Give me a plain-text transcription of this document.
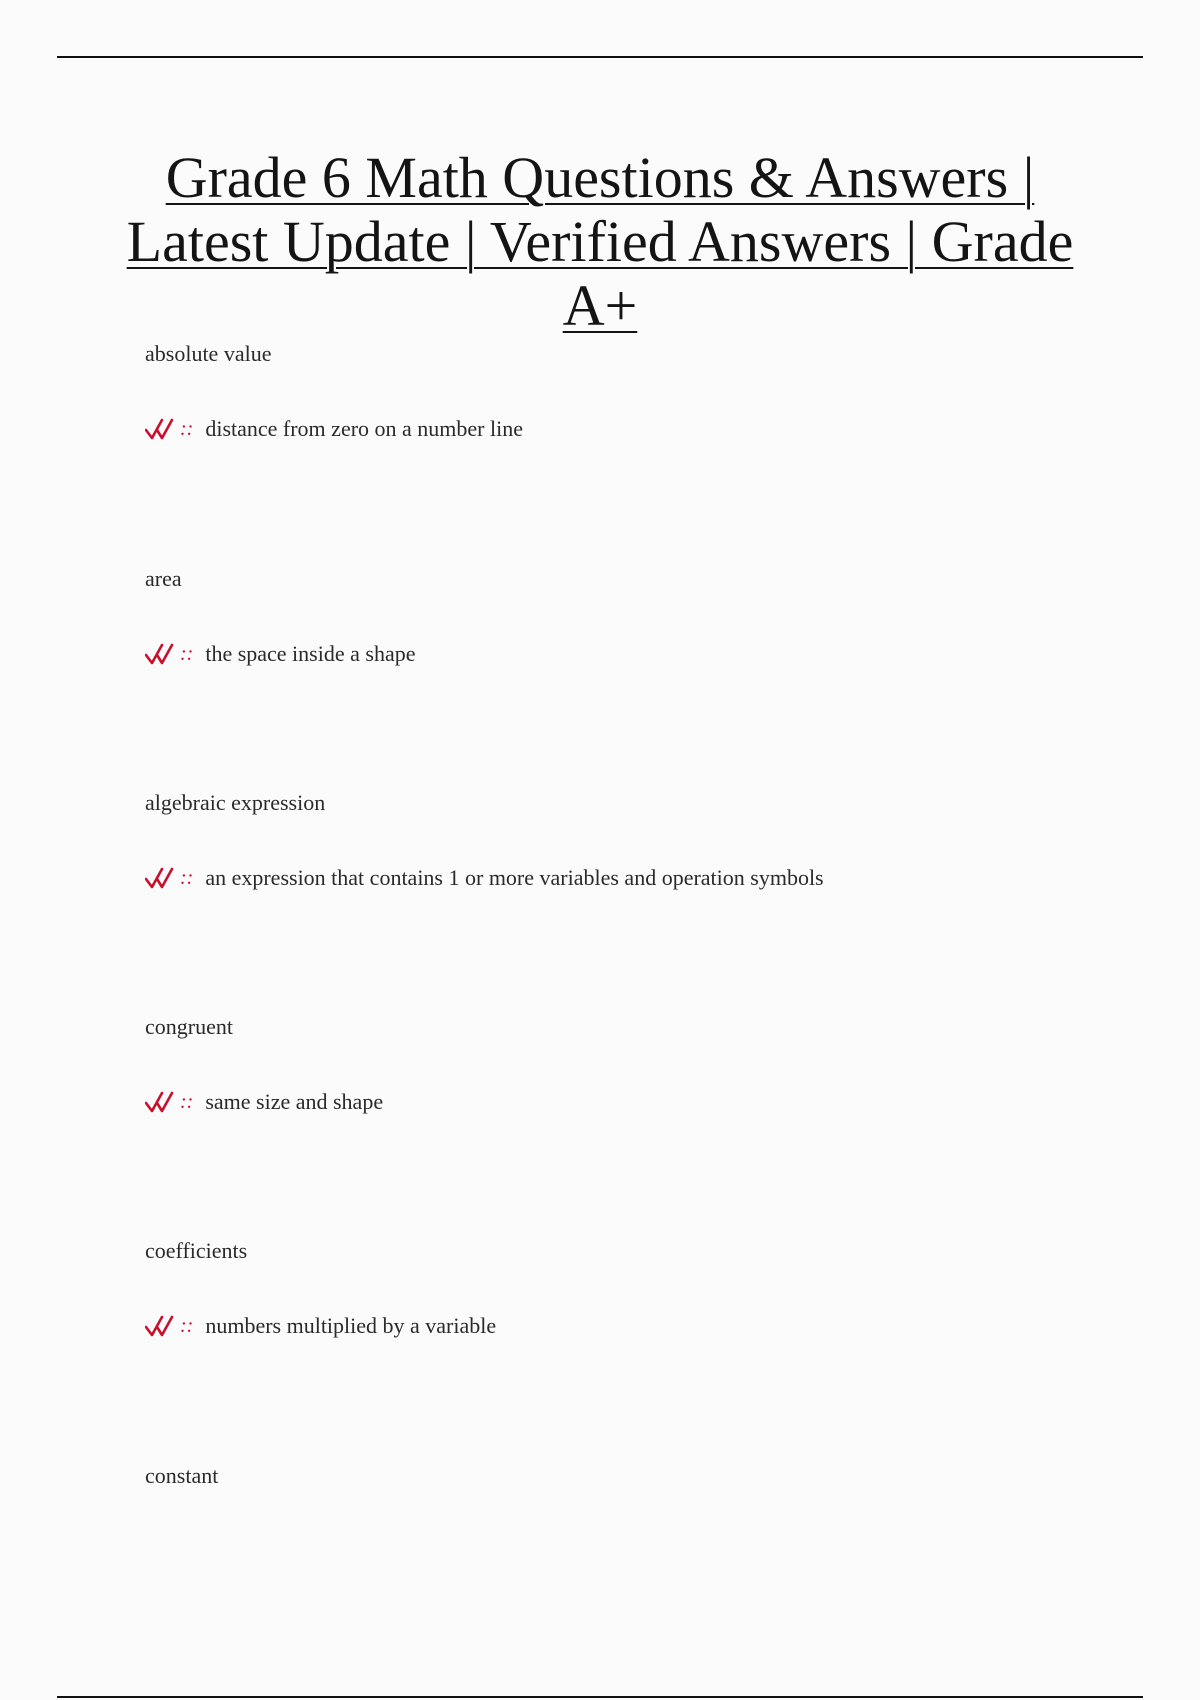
Grade 6 Math Questions & Answers | Latest Update | Verified Answers | Grade A+
absolute value
:: distance from zero on a number line
area
:: the space inside a shape
algebraic expression
:: an expression that contains 1 or more variables and operation symbols
congruent
:: same size and shape
coefficients
:: numbers multiplied by a variable
constant
